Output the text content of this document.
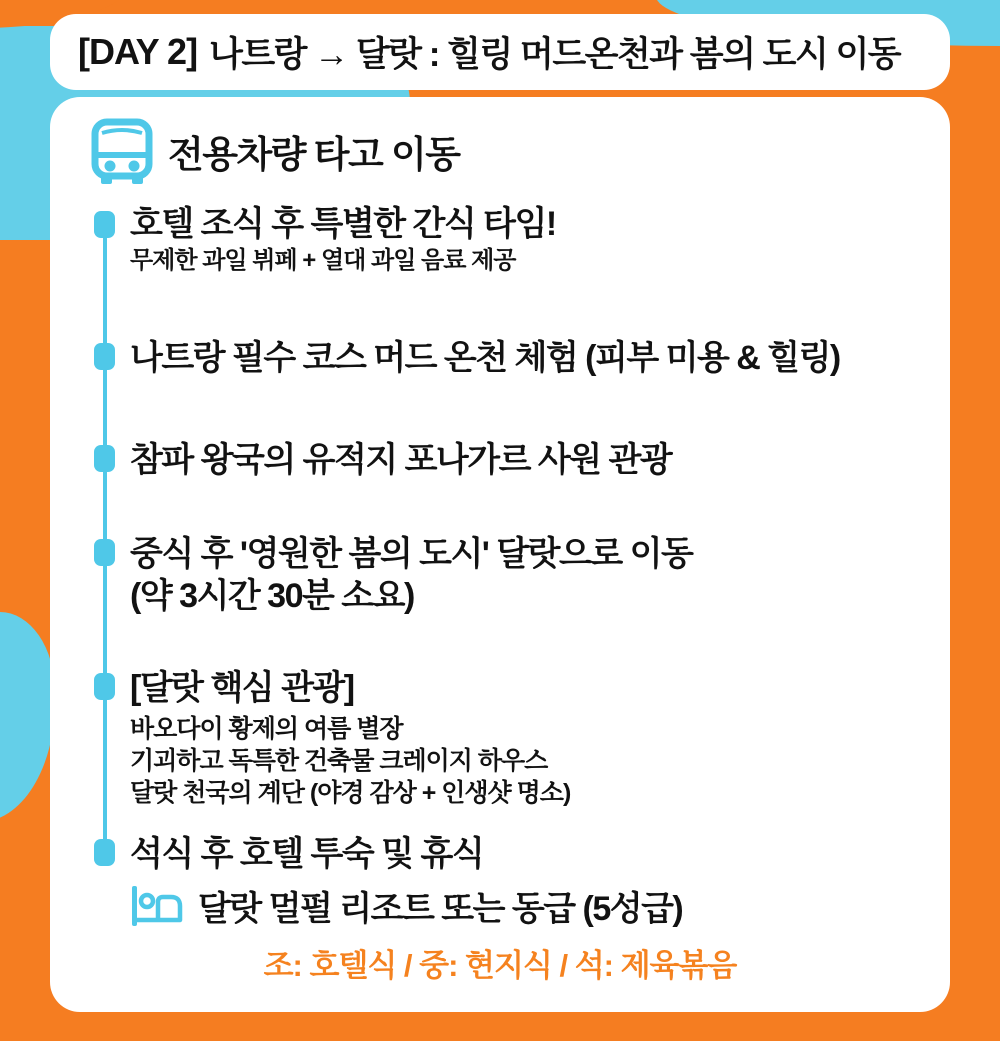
[DAY 2] 나트랑 → 달랏 : 힐링 머드온천과 봄의 도시 이동
전용차량 타고 이동
호텔 조식 후 특별한 간식 타임!
무제한 과일 뷔페 + 열대 과일 음료 제공
나트랑 필수 코스 머드 온천 체험 (피부 미용 & 힐링)
참파 왕국의 유적지 포나가르 사원 관광
중식 후 '영원한 봄의 도시' 달랏으로 이동
(약 3시간 30분 소요)
[달랏 핵심 관광]
바오다이 황제의 여름 별장
기괴하고 독특한 건축물 크레이지 하우스
달랏 천국의 계단 (야경 감상 + 인생샷 명소)
석식 후 호텔 투숙 및 휴식
달랏 멀펄 리조트 또는 동급 (5성급)
조: 호텔식 / 중: 현지식 / 석: 제육볶음
